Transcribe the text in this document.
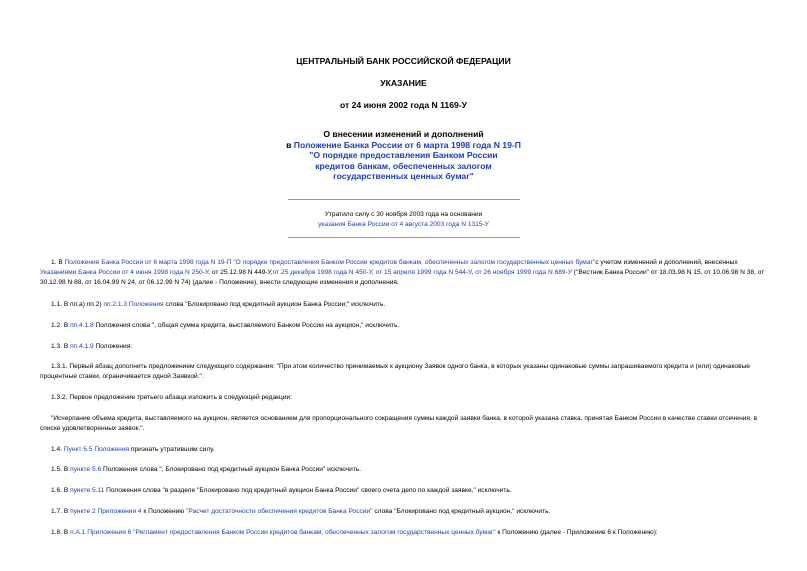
ЦЕНТРАЛЬНЫЙ БАНК РОССИЙСКОЙ ФЕДЕРАЦИИ
УКАЗАНИЕ
от 24 июня 2002 года N 1169-У
О внесении изменений и дополнений
в Положение Банка России от 6 марта 1998 года N 19-П
"О порядке предоставления Банком России
кредитов банкам, обеспеченных залогом
государственных ценных бумаг"
Утратило силу с 30 ноября 2003 года на основании
указания Банка России от 4 августа 2003 года N 1315-У
1. В Положение Банка России от 6 марта 1998 года N 19-П "О порядке предоставления Банком России кредитов банкам, обеспеченных залогом государственных ценных бумаг"с учетом изменений и дополнений, внесенных Указаниями Банка России от 4 июня 1998 года N 250-У, от 25.12.98 N 449-У,от 25 декабря 1998 года N 450-У, от 15 апреля 1999 года N 544-У, от 26 ноября 1999 года N 689-У ("Вестник Банка России" от 18.03.98 N 15, от 10.06.98 N 38, от 30.12.98 N 88, от 16.04.99 N 24, от 06.12.99 N 74) (далее - Положение), внести следующие изменения и дополнения.
1.1. В пп.а) пп.2) пп.2.1.3 Положения слова "Блокировано под кредитный аукцион Банка России;" исключить.
1.2. В пп.4.1.8 Положения слова ", общая сумма кредита, выставляемого Банком России на аукцион," исключить.
1.3. В пп.4.1.9 Положения:
1.3.1. Первый абзац дополнить предложением следующего содержания: "При этом количество принимаемых к аукциону Заявок одного банка, в которых указаны одинаковые суммы запрашиваемого кредита и (или) одинаковые процентные ставки, ограничивается одной Заявкой.".
1.3.2. Первое предложение третьего абзаца изложить в следующей редакции:
"Исчерпание объема кредита, выставляемого на аукцион, является основанием для пропорционального сокращения суммы каждой заявки банка, в которой указана ставка, принятая Банком России в качестве ставки отсечения, в списке удовлетворенных заявок.".
1.4. Пункт 5.5 Положения признать утратившим силу.
1.5. В пункте 5.6 Положения слова ", Блокировано под кредитный аукцион Банка России" исключить.
1.6. В пункте 5.11 Положения слова "в разделе "Блокировано под кредитный аукцион Банка России" своего счета депо по каждой заявке," исключить.
1.7. В пункте 2 Приложения 4 к Положению "Расчет достаточности обеспечения кредитов Банка России" слова "Блокировано под кредитный аукцион," исключить.
1.8. В п.А.1 Приложения 6 "Регламент предоставления Банком России кредитов банкам, обеспеченных залогом государственных ценных бумаг" к Положению (далее - Приложение 6 к Положению):
